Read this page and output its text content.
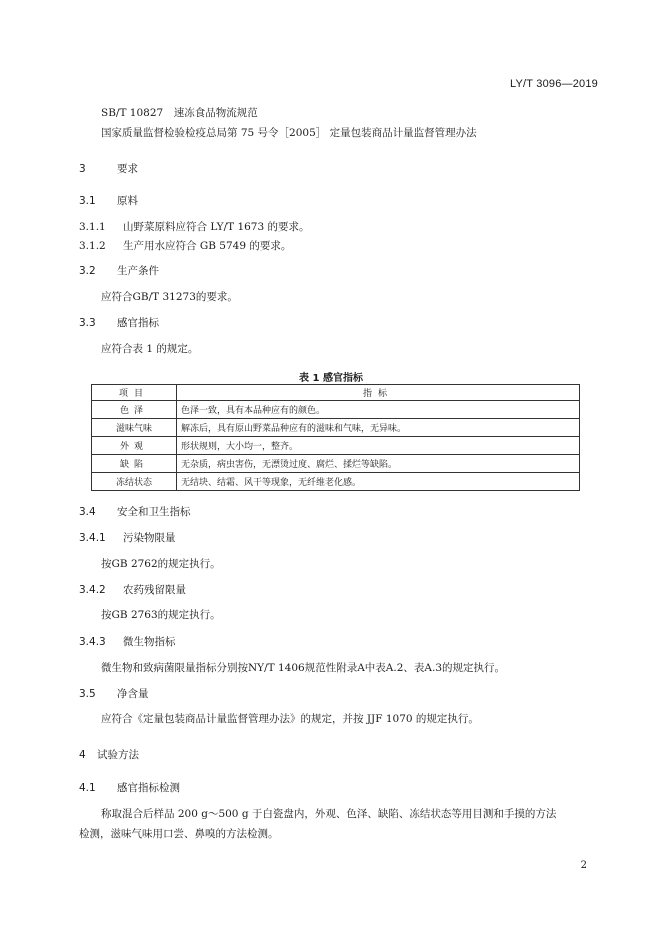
LY/T 3096—2019
SB/T 10827　速冻食品物流规范
国家质量监督检验检疫总局第 75 号令［2005］ 定量包装商品计量监督管理办法
3	要求
3.1 原料
3.1.1 山野菜原料应符合 LY/T 1673 的要求。
3.1.2 生产用水应符合 GB 5749 的要求。
3.2 生产条件
应符合GB/T 31273的要求。
3.3 感官指标
应符合表 1 的规定。
表 1 感官指标
项目	指标
色泽	色泽一致，具有本品种应有的颜色。
滋味气味	解冻后，具有原山野菜品种应有的滋味和气味，无异味。
外观	形状规则，大小均一，整齐。
缺陷	无杂质，病虫害伤，无漂烫过度、腐烂、揉烂等缺陷。
冻结状态	无结块、结霜、风干等现象，无纤维老化感。
3.4 安全和卫生指标
3.4.1 污染物限量
按GB 2762的规定执行。
3.4.2 农药残留限量
按GB 2763的规定执行。
3.4.3 微生物指标
微生物和致病菌限量指标分别按NY/T 1406规范性附录A中表A.2、表A.3的规定执行。
3.5 净含量
应符合《定量包装商品计量监督管理办法》的规定，并按 JJF 1070 的规定执行。
4 试验方法
4.1 感官指标检测
称取混合后样品 200 g～500 g 于白瓷盘内，外观、色泽、缺陷、冻结状态等用目测和手摸的方法
检测，滋味气味用口尝、鼻嗅的方法检测。
2
